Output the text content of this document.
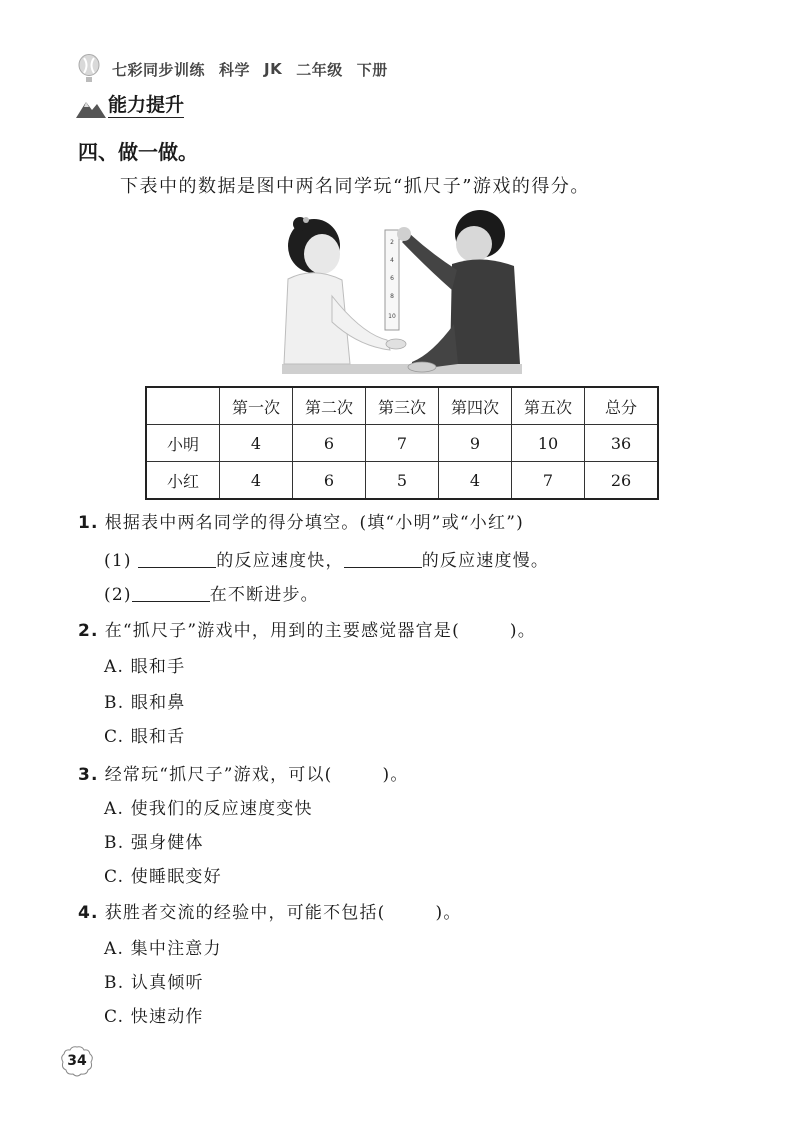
七彩同步训练 科学 JK 二年级 下册
能力提升
四、做一做。
下表中的数据是图中两名同学玩“抓尺子”游戏的得分。
2
4
6
8
10
	第一次	第二次	第三次	第四次	第五次	总分
小明	4	6	7	9	10	36
小红	4	6	5	4	7	26
1. 根据表中两名同学的得分填空。(填“小明”或“小红”)
(1)	的反应速度快，	的反应速度慢。
(2)	在不断进步。
2. 在“抓尺子”游戏中，用到的主要感觉器官是(	)。
A. 眼和手
B. 眼和鼻
C. 眼和舌
3. 经常玩“抓尺子”游戏，可以(	)。
A. 使我们的反应速度变快
B. 强身健体
C. 使睡眠变好
4. 获胜者交流的经验中，可能不包括(	)。
A. 集中注意力
B. 认真倾听
C. 快速动作
34
